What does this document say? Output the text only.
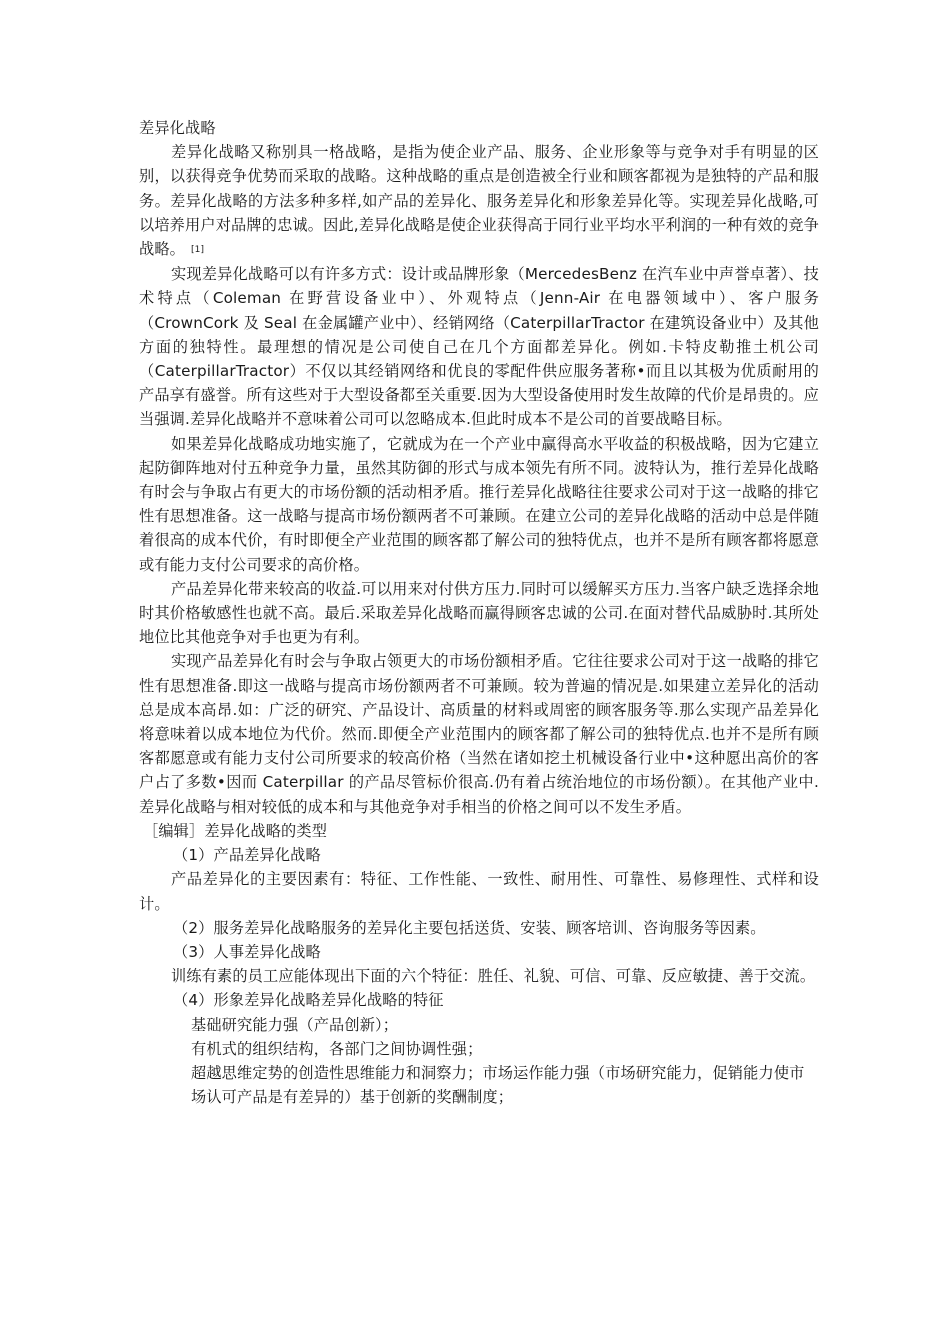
差异化战略

差异化战略又称别具一格战略，是指为使企业产品、服务、企业形象等与竞争对手有明显的区别，以获得竞争优势而采取的战略。这种战略的重点是创造被全行业和顾客都视为是独特的产品和服务。差异化战略的方法多种多样,如产品的差异化、服务差异化和形象差异化等。实现差异化战略,可以培养用户对品牌的忠诚。因此,差异化战略是使企业获得高于同行业平均水平利润的一种有效的竞争战略。 [1]

实现差异化战略可以有许多方式：设计或品牌形象（MercedesBenz 在汽车业中声誉卓著）、技术特点（Coleman 在野营设备业中）、外观特点（Jenn-Air 在电器领域中）、客户服务（CrownCork 及 Seal 在金属罐产业中）、经销网络（CaterpillarTractor 在建筑设备业中）及其他方面的独特性。最理想的情况是公司使自己在几个方面都差异化。例如.卡特皮勒推土机公司（CaterpillarTractor）不仅以其经销网络和优良的零配件供应服务著称•而且以其极为优质耐用的产品享有盛誉。所有这些对于大型设备都至关重要.因为大型设备使用时发生故障的代价是昂贵的。应当强调.差异化战略并不意味着公司可以忽略成本.但此时成本不是公司的首要战略目标。

如果差异化战略成功地实施了，它就成为在一个产业中赢得高水平收益的积极战略，因为它建立起防御阵地对付五种竞争力量，虽然其防御的形式与成本领先有所不同。波特认为，推行差异化战略有时会与争取占有更大的市场份额的活动相矛盾。推行差异化战略往往要求公司对于这一战略的排它性有思想准备。这一战略与提高市场份额两者不可兼顾。在建立公司的差异化战略的活动中总是伴随着很高的成本代价，有时即便全产业范围的顾客都了解公司的独特优点，也并不是所有顾客都将愿意或有能力支付公司要求的高价格。

产品差异化带来较高的收益.可以用来对付供方压力.同时可以缓解买方压力.当客户缺乏选择余地时其价格敏感性也就不高。最后.采取差异化战略而赢得顾客忠诚的公司.在面对替代品威胁时.其所处地位比其他竞争对手也更为有利。

实现产品差异化有时会与争取占领更大的市场份额相矛盾。它往往要求公司对于这一战略的排它性有思想准备.即这一战略与提高市场份额两者不可兼顾。较为普遍的情况是.如果建立差异化的活动总是成本高昂.如：广泛的研究、产品设计、高质量的材料或周密的顾客服务等.那么实现产品差异化将意味着以成本地位为代价。然而.即便全产业范围内的顾客都了解公司的独特优点.也并不是所有顾客都愿意或有能力支付公司所要求的较高价格（当然在诸如挖土机械设备行业中•这种愿出高价的客户占了多数•因而 Caterpillar 的产品尽管标价很高.仍有着占统治地位的市场份额）。在其他产业中.差异化战略与相对较低的成本和与其他竞争对手相当的价格之间可以不发生矛盾。

［编辑］差异化战略的类型

（1）产品差异化战略

产品差异化的主要因素有：特征、工作性能、一致性、耐用性、可靠性、易修理性、式样和设计。

（2）服务差异化战略服务的差异化主要包括送货、安装、顾客培训、咨询服务等因素。

（3）人事差异化战略

训练有素的员工应能体现出下面的六个特征：胜任、礼貌、可信、可靠、反应敏捷、善于交流。

（4）形象差异化战略差异化战略的特征

基础研究能力强（产品创新）；

有机式的组织结构，各部门之间协调性强；

超越思维定势的创造性思维能力和洞察力；市场运作能力强（市场研究能力，促销能力使市场认可产品是有差异的）基于创新的奖酬制度；
